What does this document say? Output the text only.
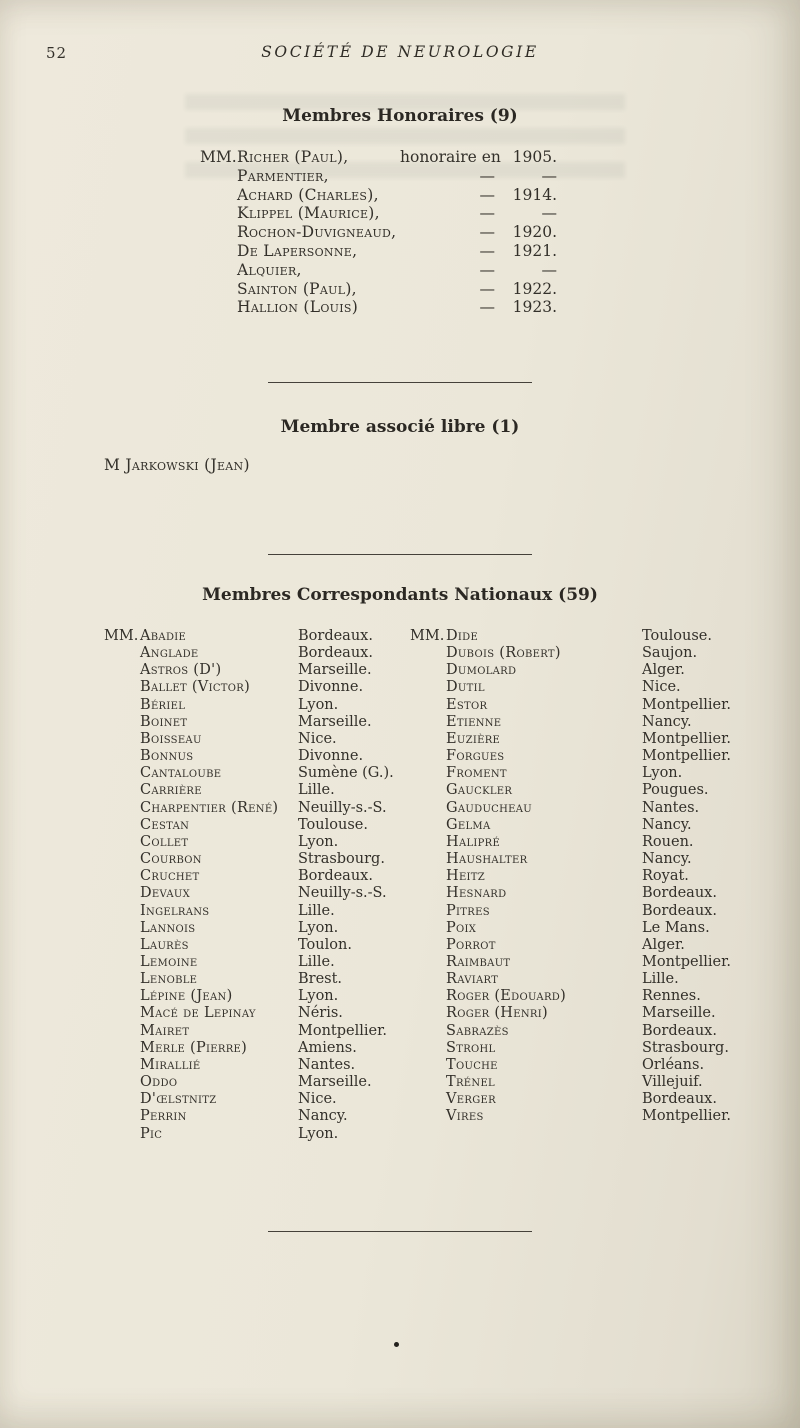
52	SOCIÉTÉ DE NEUROLOGIE
Membres Honoraires (9)
MM. Richer (Paul),	honoraire en 1905.
Parmentier,	—	—
Achard (Charles),	—	1914.
Klippel (Maurice),	—	—
Rochon-Duvigneaud,	—	1920.
De Lapersonne,	—	1921.
Alquier,	—	—
Sainton (Paul),	—	1922.
Hallion (Louis)	—	1923.
Membre associé libre (1)
M Jarkowski (Jean)
Membres Correspondants Nationaux (59)
MM. Abadie	Bordeaux.
Anglade	Bordeaux.
Astros (D')	Marseille.
Ballet (Victor)	Divonne.
Bériel	Lyon.
Boinet	Marseille.
Boisseau	Nice.
Bonnus	Divonne.
Cantaloube	Sumène (G.).
Carrière	Lille.
Charpentier (René)	Neuilly-s.-S.
Cestan	Toulouse.
Collet	Lyon.
Courbon	Strasbourg.
Cruchet	Bordeaux.
Devaux	Neuilly-s.-S.
Ingelrans	Lille.
Lannois	Lyon.
Laurès	Toulon.
Lemoine	Lille.
Lenoble	Brest.
Lépine (Jean)	Lyon.
Macé de Lepinay	Néris.
Mairet	Montpellier.
Merle (Pierre)	Amiens.
Mirallié	Nantes.
Oddo	Marseille.
D'œlstnitz	Nice.
Perrin	Nancy.
Pic	Lyon.
MM. Dide	Toulouse.
Dubois (Robert)	Saujon.
Dumolard	Alger.
Dutil	Nice.
Estor	Montpellier.
Etienne	Nancy.
Euzière	Montpellier.
Forgues	Montpellier.
Froment	Lyon.
Gauckler	Pougues.
Gauducheau	Nantes.
Gelma	Nancy.
Halipré	Rouen.
Haushalter	Nancy.
Heitz	Royat.
Hesnard	Bordeaux.
Pitres	Bordeaux.
Poix	Le Mans.
Porrot	Alger.
Raimbaut	Montpellier.
Raviart	Lille.
Roger (Edouard)	Rennes.
Roger (Henri)	Marseille.
Sabrazès	Bordeaux.
Strohl	Strasbourg.
Touche	Orléans.
Trénel	Villejuif.
Verger	Bordeaux.
Vires	Montpellier.
